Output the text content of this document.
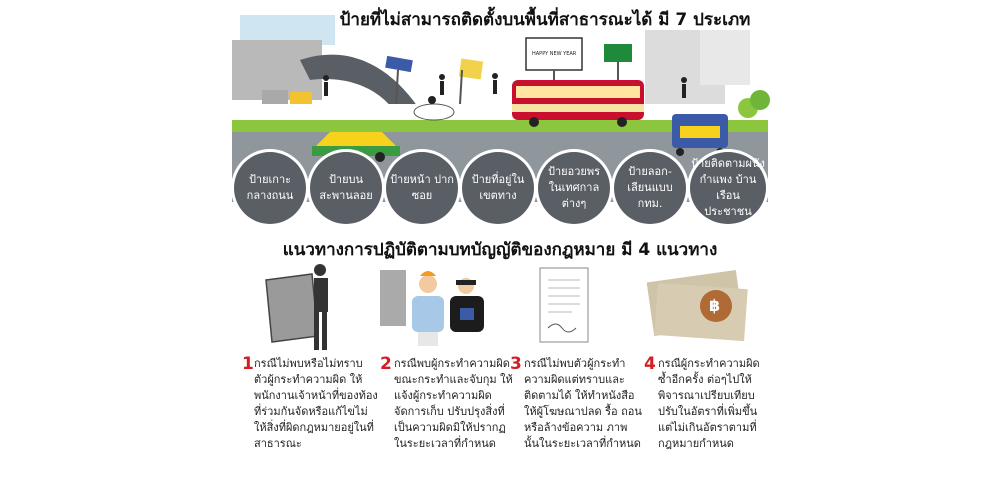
HAPPY NEW YEAR
฿
ป้ายที่ไม่สามารถติดตั้งบนพื้นที่สาธารณะได้ มี 7 ประเภท
ป้ายเกาะ กลางถนน
ป้ายบน สะพานลอย
ป้ายหน้า ปากซอย
ป้ายที่อยู่ใน เขตทาง
ป้ายอวยพร ในเทศกาล ต่างๆ
ป้ายลอก- เลียนแบบ กทม.
ป้ายติดตามผนัง กำแพง บ้านเรือน ประชาชน
แนวทางการปฏิบัติตามบทบัญญัติของกฎหมาย มี 4 แนวทาง
1 กรณีไม่พบหรือไม่ทราบตัวผู้กระทำความผิด ให้พนักงานเจ้าหน้าที่ของท้องที่ร่วมกันจัดหรือแก้ไขไม่ให้สิ่งที่ผิดกฎหมายอยู่ในที่สาธารณะ
2 กรณีพบผู้กระทำความผิดขณะกระทำและจับกุม ให้แจ้งผู้กระทำความผิดจัดการเก็บ ปรับปรุงสิ่งที่เป็นความผิดมิให้ปรากฏในระยะเวลาที่กำหนด
3 กรณีไม่พบตัวผู้กระทำความผิดแต่ทราบและติดตามได้ ให้ทำหนังสือให้ผู้โฆษณาปลด รื้อ ถอน หรือล้างข้อความ ภาพนั้นในระยะเวลาที่กำหนด
4 กรณีผู้กระทำความผิดซ้ำอีกครั้ง ต่อๆไปให้พิจารณาเปรียบเทียบปรับในอัตราที่เพิ่มขึ้น แต่ไม่เกินอัตราตามที่กฎหมายกำหนด
